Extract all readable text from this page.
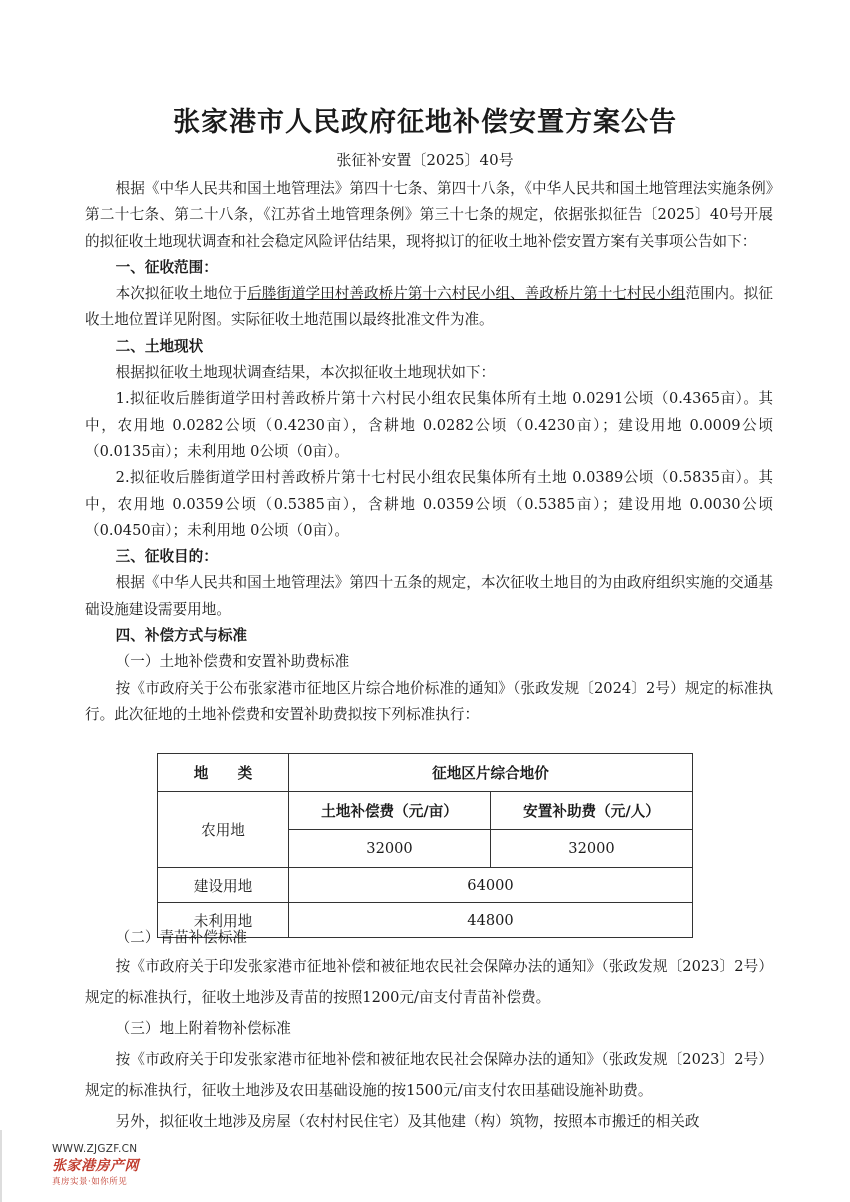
张家港市人民政府征地补偿安置方案公告
张征补安置〔2025〕40号

根据《中华人民共和国土地管理法》第四十七条、第四十八条，《中华人民共和国土地管理法实施条例》第二十七条、第二十八条，《江苏省土地管理条例》第三十七条的规定，依据张拟征告〔2025〕40号开展的拟征收土地现状调查和社会稳定风险评估结果，现将拟订的征收土地补偿安置方案有关事项公告如下：

一、征收范围：

本次拟征收土地位于后塍街道学田村善政桥片第十六村民小组、善政桥片第十七村民小组范围内。拟征收土地位置详见附图。实际征收土地范围以最终批准文件为准。

二、土地现状

根据拟征收土地现状调查结果，本次拟征收土地现状如下：

1.拟征收后塍街道学田村善政桥片第十六村民小组农民集体所有土地 0.0291公顷（0.4365亩）。其中，农用地 0.0282公顷（0.4230亩），含耕地 0.0282公顷（0.4230亩）；建设用地 0.0009公顷（0.0135亩）；未利用地 0公顷（0亩）。

2.拟征收后塍街道学田村善政桥片第十七村民小组农民集体所有土地 0.0389公顷（0.5835亩）。其中，农用地 0.0359公顷（0.5385亩），含耕地 0.0359公顷（0.5385亩）；建设用地 0.0030公顷（0.0450亩）；未利用地 0公顷（0亩）。

三、征收目的：

根据《中华人民共和国土地管理法》第四十五条的规定，本次征收土地目的为由政府组织实施的交通基础设施建设需要用地。

四、补偿方式与标准

（一）土地补偿费和安置补助费标准

按《市政府关于公布张家港市征地区片综合地价标准的通知》（张政发规〔2024〕2号）规定的标准执行。此次征地的土地补偿费和安置补助费拟按下列标准执行：

地　　类	征地区片综合地价	
农用地	土地补偿费（元/亩）	安置补助费（元/人）
	32000	32000
建设用地	64000	
未利用地	44800	

（二）青苗补偿标准

按《市政府关于印发张家港市征地补偿和被征地农民社会保障办法的通知》（张政发规〔2023〕2号）规定的标准执行，征收土地涉及青苗的按照1200元/亩支付青苗补偿费。

（三）地上附着物补偿标准

按《市政府关于印发张家港市征地补偿和被征地农民社会保障办法的通知》（张政发规〔2023〕2号）规定的标准执行，征收土地涉及农田基础设施的按1500元/亩支付农田基础设施补助费。

另外，拟征收土地涉及房屋（农村村民住宅）及其他建（构）筑物，按照本市搬迁的相关政

WWW.ZJGZF.CN
张家港房产网
真房实景·如你所见
